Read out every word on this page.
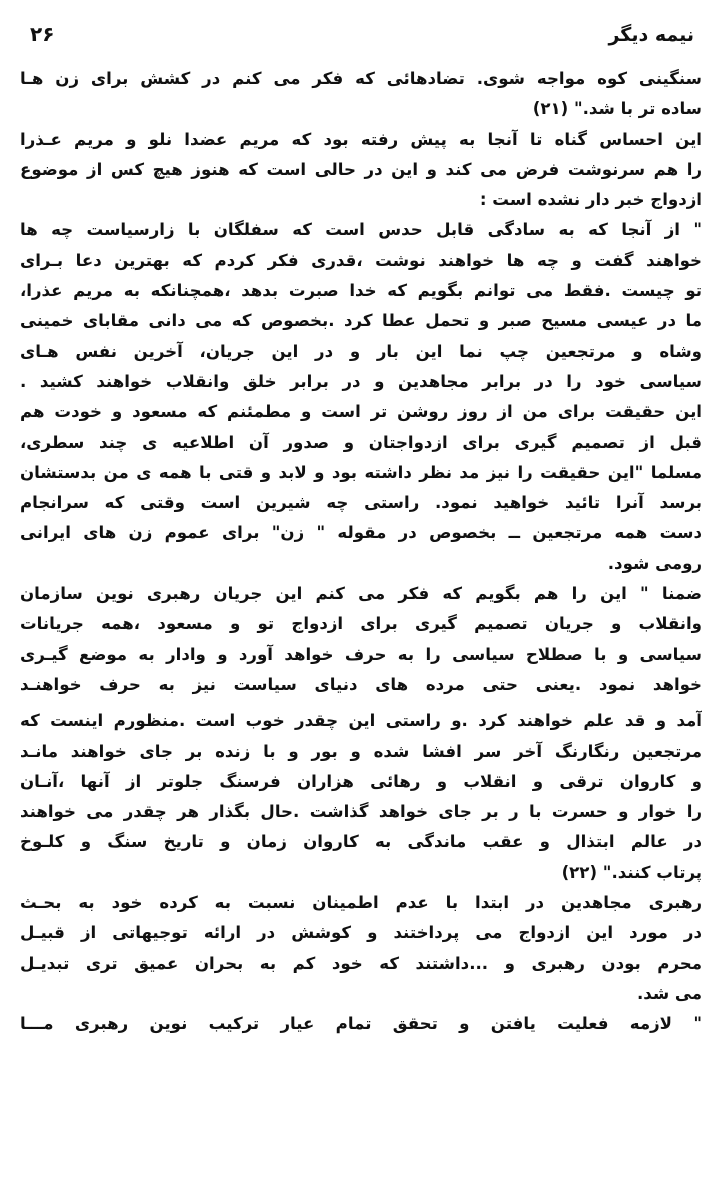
۲۶	نیمه دیگر
سنگینی کوه مواجه شوی. تضادهائی که فکر می کنم در کشش برای زن هـا
ساده تر با شد." (۲۱)
این احساس گناه تا آنجا به پیش رفته بود که مریم عضدا نلو و مریم عـذرا
را هم سرنوشت فرض می کند و این در حالی است که هنوز هیچ کس از موضوع
ازدواج خبر دار نشده است :
" از آنجا که به سادگی قابل حدس است که سفلگان با زارسیاست چه ها
خواهند گفت و چه ها خواهند نوشت ،قدری فکر کردم که بهترین دعا بـرای
تو چیست .فقط می توانم بگویم که خدا صبرت بدهد ،همچنانکه به مریم عذرا،
ما در عیسی مسیح صبر و تحمل عطا کرد .بخصوص که می دانی مقابای خمینی
وشاه و مرتجعین چپ نما این بار و در این جریان، آخرین نفس هـای
سیاسی خود را در برابر مجاهدین و در برابر خلق وانقلاب خواهند کشید .
این حقیقت برای من از روز روشن تر است و مطمئنم که مسعود و خودت هم
قبل از تصمیم گیری برای ازدواجتان و صدور آن اطلاعیه ی چند سطری،
مسلما "این حقیقت را نیز مد نظر داشته بود و لابد و قتی با همه ی من بدستشان
برسد آنرا تائید خواهید نمود. راستی چه شیرین است وقتی که سرانجام
دست همه مرتجعین ــ بخصوص در مقوله " زن" برای عموم زن های ایرانی
رومی شود.
ضمنا " این را هم بگویم که فکر می کنم این جریان رهبری نوین سازمان
وانقلاب و جریان تصمیم گیری برای ازدواج تو و مسعود ،همه جریانات
سیاسی و با صطلاح سیاسی را به حرف خواهد آورد و وادار به موضع گیـری
خواهد نمود .یعنی حتی مرده های دنیای سیاست نیز به حرف خواهنـد
آمد و قد علم خواهند کرد .و راستی این چقدر خوب است .منظورم اینست که
مرتجعین رنگارنگ آخر سر افشا شده و بور و با زنده بر جای خواهند مانـد
و کاروان ترقی و انقلاب و رهائی هزاران فرسنگ جلوتر از آنها ،آنـان
را خوار و حسرت با ر بر جای خواهد گذاشت .حال بگذار هر چقدر می خواهند
در عالم ابتذال و عقب ماندگی به کاروان زمان و تاریخ سنگ و کلـوخ
پرتاب کنند." (۲۲)
رهبری مجاهدین در ابتدا با عدم اطمینان نسبت به کرده خود به بحـث
در مورد این ازدواج می پرداختند و کوشش در ارائه توجیهاتی از قبیـل
محرم بودن رهبری و ...داشتند که خود کم به بحران عمیق تری تبدیـل
می شد.
" لازمه فعلیت یافتن و تحقق تمام عیار ترکیب نوین رهبری مـــا
